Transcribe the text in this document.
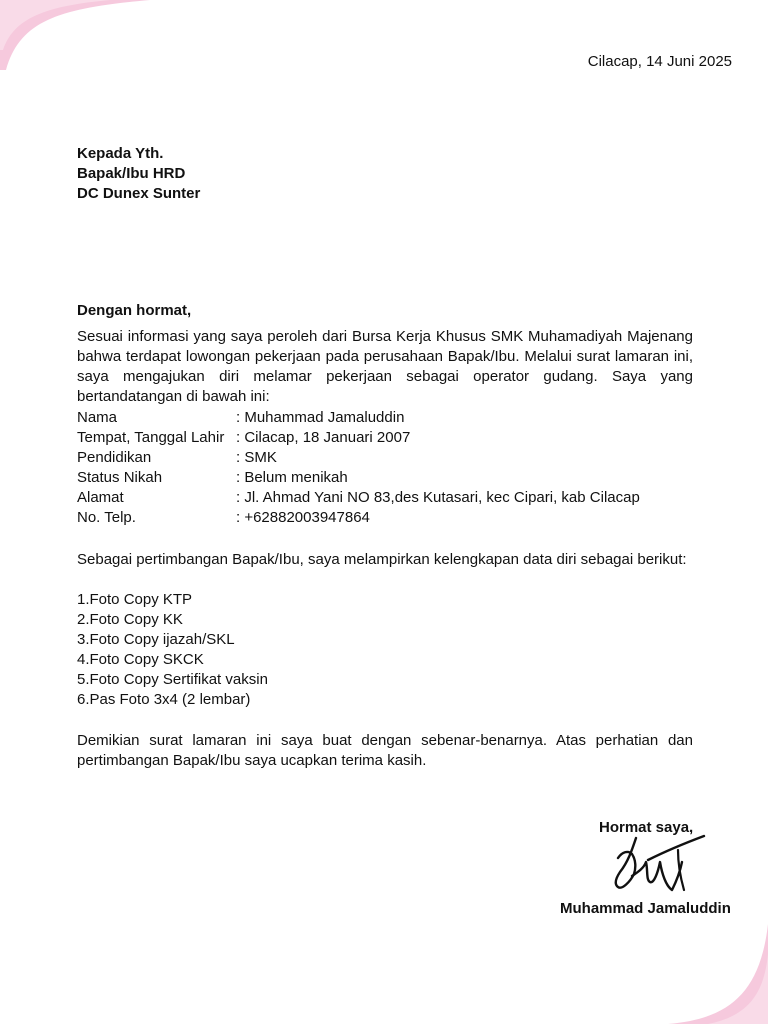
Cilacap, 14 Juni 2025
Kepada Yth.
Bapak/Ibu HRD
DC Dunex Sunter
Dengan hormat,
Sesuai informasi yang saya peroleh dari Bursa Kerja Khusus SMK Muhamadiyah Majenang bahwa terdapat lowongan pekerjaan pada perusahaan Bapak/Ibu. Melalui surat lamaran ini, saya mengajukan diri melamar pekerjaan sebagai operator gudang. Saya yang bertandatangan di bawah ini:
Nama	: Muhammad Jamaluddin
Tempat, Tanggal Lahir : Cilacap, 18 Januari 2007
Pendidikan	: SMK
Status Nikah	: Belum menikah
Alamat	: Jl. Ahmad Yani NO 83,des Kutasari, kec Cipari, kab Cilacap
No. Telp.	: +62882003947864
Sebagai pertimbangan Bapak/Ibu, saya melampirkan kelengkapan data diri sebagai berikut:
1.Foto Copy KTP
2.Foto Copy KK
3.Foto Copy ijazah/SKL
4.Foto Copy SKCK
5.Foto Copy Sertifikat vaksin
6.Pas Foto 3x4 (2 lembar)
Demikian surat lamaran ini saya buat dengan sebenar-benarnya. Atas perhatian dan pertimbangan Bapak/Ibu saya ucapkan terima kasih.
Hormat saya,
Muhammad Jamaluddin
